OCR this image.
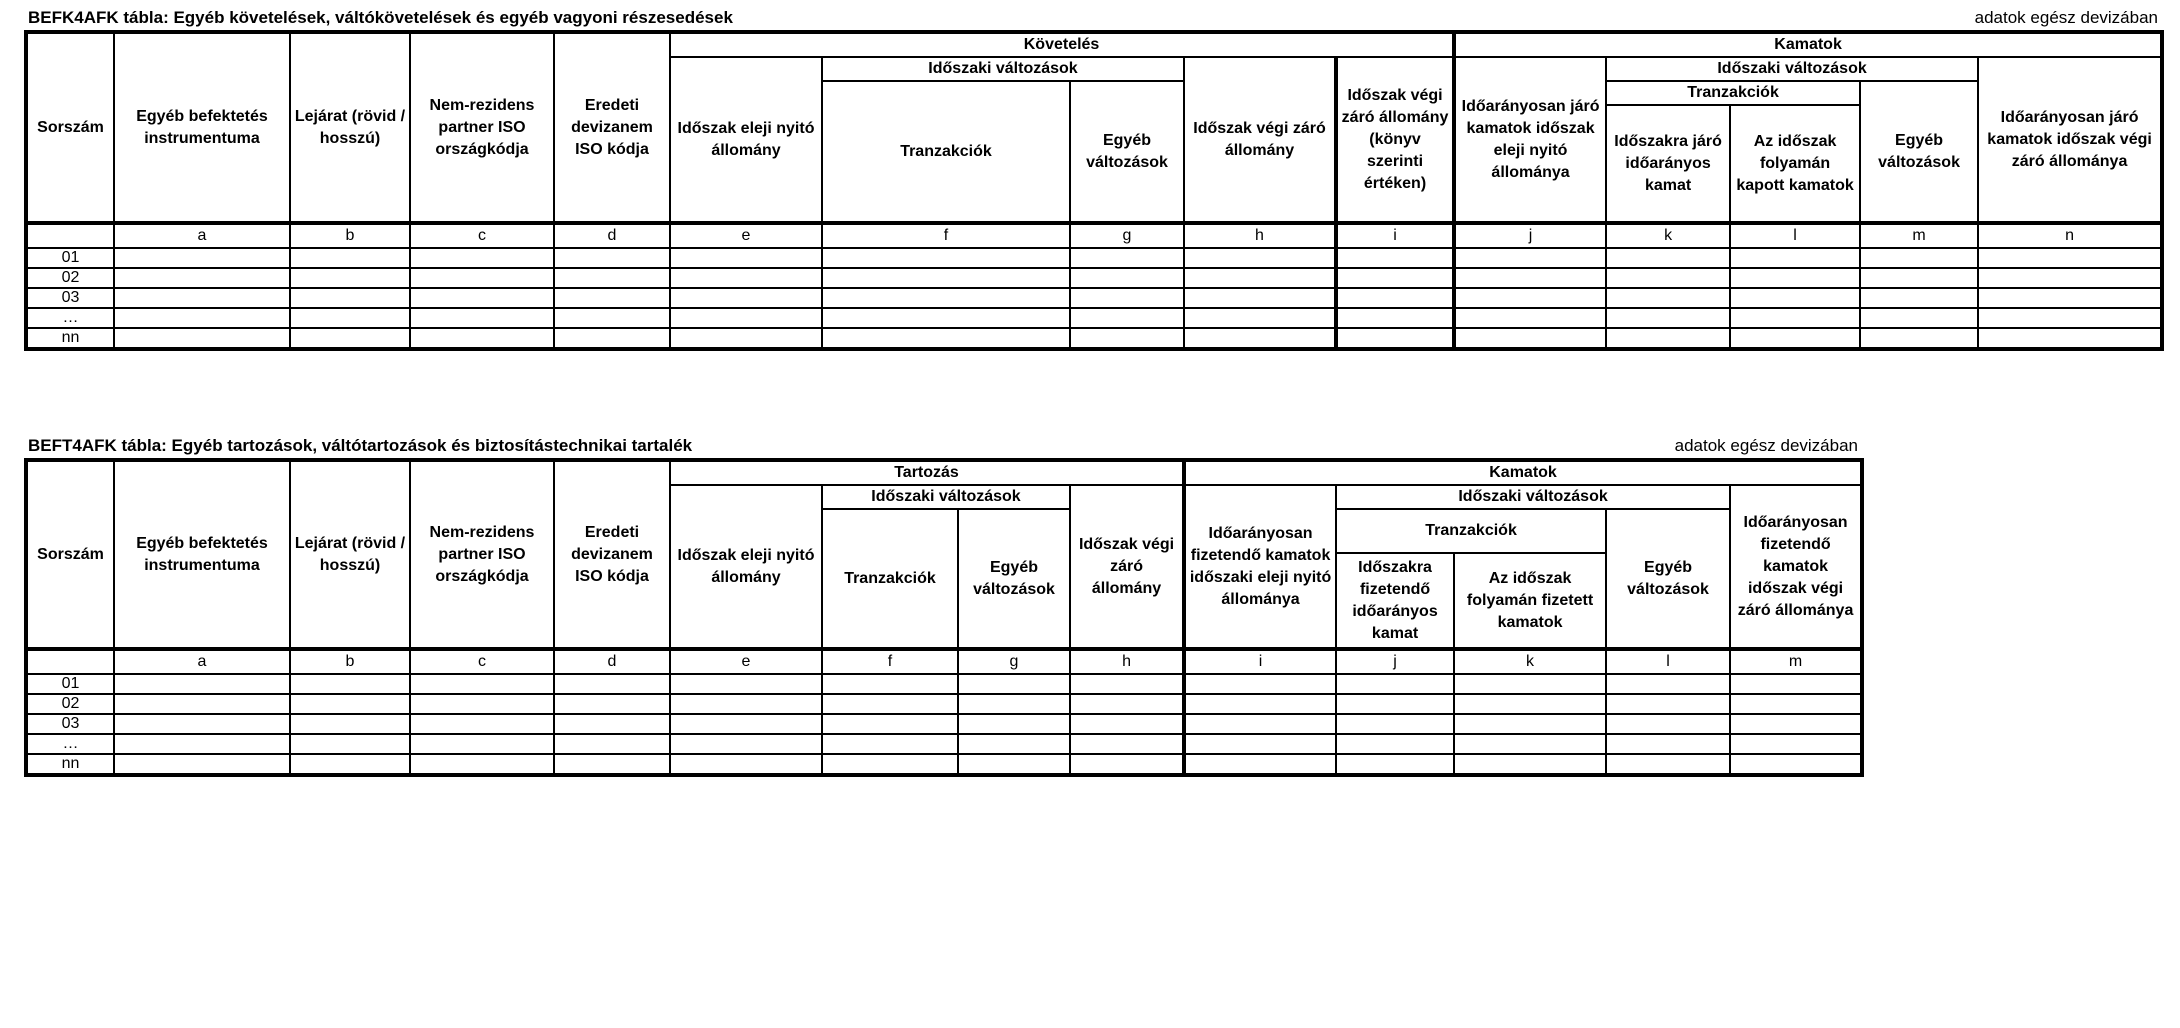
BEFK4AFK tábla: Egyéb követelések, váltókövetelések és egyéb vagyoni részesedések	adatok egész devizában
Sorszám	Egyéb befektetés instrumentuma	Lejárat (rövid / hosszú)	Nem-rezidens partner ISO országkódja	Eredeti devizanem ISO kódja	Követelés					Kamatok				
					Időszak eleji nyitó állomány	Időszaki változások		Időszak végi záró állomány	Időszak végi záró állomány (könyv szerinti értéken)	Időarányosan járó kamatok időszak eleji nyitó állománya	Időszaki változások			Időarányosan járó kamatok időszak végi záró állománya
						Tranzakciók	Egyéb változások				Tranzakciók		Egyéb változások	
											Időszakra járó időarányos kamat	Az időszak folyamán kapott kamatok		
	a	b	c	d	e	f	g	h	i	j	k	l	m	n
01														
02														
03														
…														
nn														
BEFT4AFK tábla: Egyéb tartozások, váltótartozások és biztosítástechnikai tartalék	adatok egész devizában
Sorszám	Egyéb befektetés instrumentuma	Lejárat (rövid / hosszú)	Nem-rezidens partner ISO országkódja	Eredeti devizanem ISO kódja	Tartozás				Kamatok				
					Időszak eleji nyitó állomány	Időszaki változások		Időszak végi záró állomány	Időarányosan fizetendő kamatok időszaki eleji nyitó állománya	Időszaki változások			Időarányosan fizetendő kamatok időszak végi záró állománya
						Tranzakciók	Egyéb változások			Tranzakciók		Egyéb változások	
										Időszakra fizetendő időarányos kamat	Az időszak folyamán fizetett kamatok		
	a	b	c	d	e	f	g	h	i	j	k	l	m
01													
02													
03													
…													
nn													
